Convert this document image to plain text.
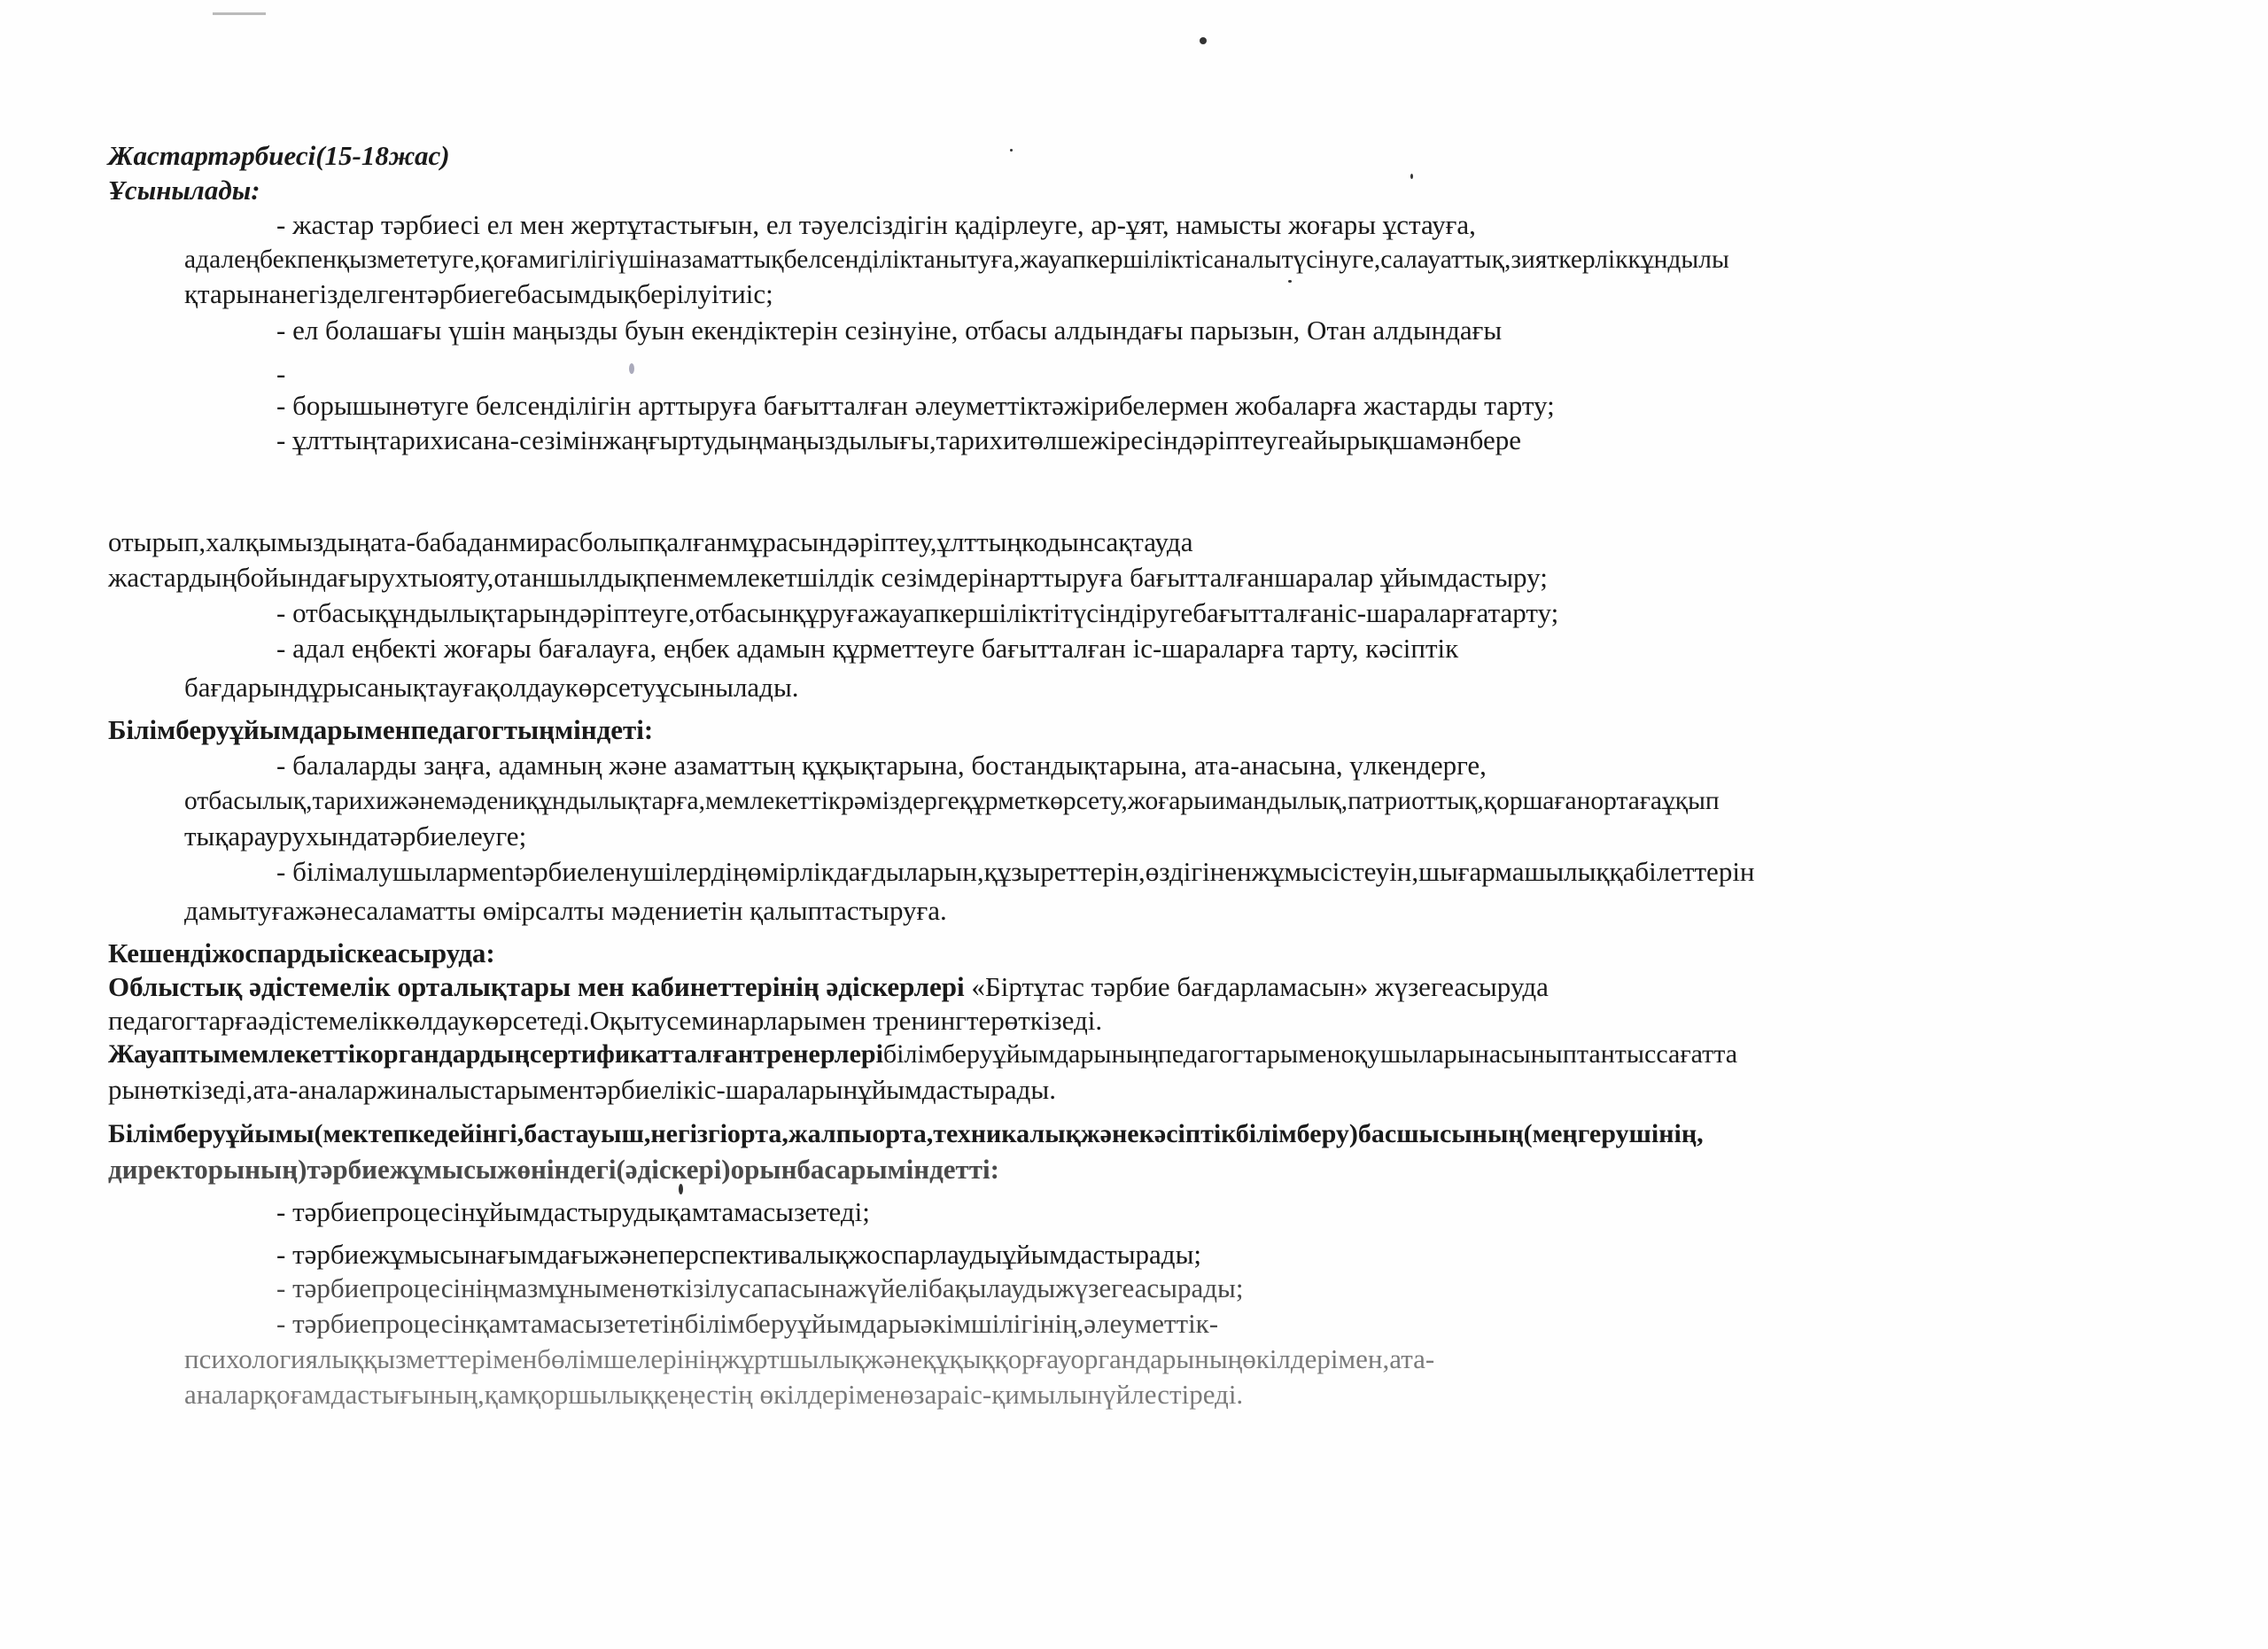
Жастартәрбиесі(15-18жас)
Ұсынылады:
- жастар тәрбиесі ел мен жертұтастығын, ел тәуелсіздігін қадірлеуге, ар-ұят, намысты жоғары ұстауға,
адалеңбекпенқызмететуге,қоғамигілігіүшіназаматтықбелсенділіктанытуға,жауапкершіліктісаналытүсінуге,салауаттық,зияткерліккұндылы
қтарынанегізделгентәрбиегебасымдықберілуітиіс;
- ел болашағы үшін маңызды буын екендіктерін сезінуіне, отбасы алдындағы парызын, Отан алдындағы
-
- борышынөтуге белсенділігін арттыруға бағытталған әлеуметтіктәжірибелермен жобаларға жастарды тарту;
- ұлттыңтарихисана-сезімінжаңғыртудыңмаңыздылығы,тарихитөлшежіресіндәріптеугеайырықшамәнбере
отырып,халқымыздыңата-бабаданмирасболыпқалғанмұрасындәріптеу,ұлттыңкодынсақтауда
жастардыңбойындағырухтыояту,отаншылдықпенмемлекетшілдік сезімдерінарттыруға бағытталғаншаралар ұйымдастыру;
- отбасықұндылықтарындәріптеуге,отбасынқұруғажауапкершіліктітүсіндіругебағытталғаніс-шараларғатарту;
- адал еңбекті жоғары бағалауға, еңбек адамын құрметтеуге бағытталған іс-шараларға тарту, кәсіптік
бағдарындұрысанықтауғақолдаукөрсетуұсынылады.
Білімберуұйымдарыменпедагогтыңміндеті:
- балаларды заңға, адамның және азаматтың құқықтарына, бостандықтарына, ата-анасына, үлкендерге,
отбасылық,тарихижәнемәдениқұндылықтарға,мемлекеттікрәміздергеқұрметкөрсету,жоғарыимандылық,патриоттық,қоршағанортағаұқып
тықарауруxындатәрбиелеуге;
- білімалушылармentәрбиеленушілердіңөмірлікдағдыларын,құзыреттерін,өздігіненжұмысістеуін,шығармашылыққабілеттерін
дамытуғажәнесаламатты өмірсалты мәдениетін қалыптастыруға.
Кешендіжоспардыіскеасыруда:
Облыстық әдістемелік орталықтары мен кабинеттерінің әдіскерлері «Біртұтас тәрбие бағдарламасын» жүзегеасыруда
педагогтарғаәдістемеліккөлдаукөрсетеді.Оқытусеминарларымен тренингтерөткізеді.
Жауаптымемлекеттікоргандардыңсертификатталғантренерлерібілімберуұйымдарыныңпедагогтарыменоқушыларынасыныптантыссағатта
рынөткізеді,ата-аналаржиналыстарыментәрбиелікіс-шараларынұйымдастырады.
Білімберуұйымы(мектепкедейінгі,бастауыш,негізгіорта,жалпыорта,техникалықжәнекәсіптікбілімберу)басшысының(меңгерушінің,
директорының)тәрбиежұмысыжөніндегі(әдіскері)орынбасарыміндетті:
- тәрбиепроцесінұйымдастырудықамтамасызетеді;
- тәрбиежұмысынағымдағыжәнеперспективалықжоспарлаудыұйымдастырады;
- тәрбиепроцесініңмазмұныменөткізілусапасынажүйелібақылаудыжүзегеасырады;
- тәрбиепроцесінқамтамасызететінбілімберуұйымдарыәкімшілігінің,әлеуметтік-
психологиялыққызметтеріменбөлімшелерініңжұртшылықжәнеқұқыққорғауоргандарыныңөкілдерімен,ата-
аналарқоғамдастығының,қамқоршылыққеңестің өкілдеріменөзараіс-қимылынүйлестіреді.
